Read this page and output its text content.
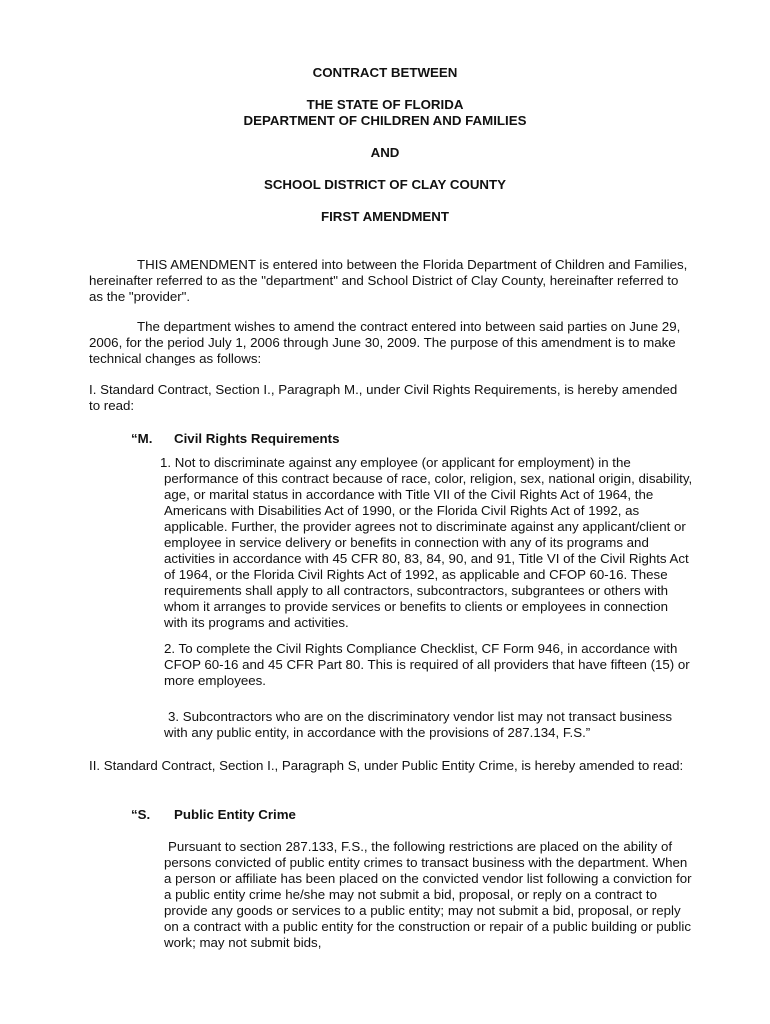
CONTRACT BETWEEN

THE STATE OF FLORIDA

DEPARTMENT OF CHILDREN AND FAMILIES

AND

SCHOOL DISTRICT OF CLAY COUNTY

FIRST AMENDMENT

THIS AMENDMENT is entered into between the Florida Department of Children and Families, hereinafter referred to as the "department" and School District of Clay County, hereinafter referred to as the "provider".

The department wishes to amend the contract entered into between said parties on June 29, 2006, for the period July 1, 2006 through June 30, 2009. The purpose of this amendment is to make technical changes as follows:

I. Standard Contract, Section I., Paragraph M., under Civil Rights Requirements, is hereby amended to read:

“M. Civil Rights Requirements

1. Not to discriminate against any employee (or applicant for employment) in the performance of this contract because of race, color, religion, sex, national origin, disability, age, or marital status in accordance with Title VII of the Civil Rights Act of 1964, the Americans with Disabilities Act of 1990, or the Florida Civil Rights Act of 1992, as applicable. Further, the provider agrees not to discriminate against any applicant/client or employee in service delivery or benefits in connection with any of its programs and activities in accordance with 45 CFR 80, 83, 84, 90, and 91, Title VI of the Civil Rights Act of 1964, or the Florida Civil Rights Act of 1992, as applicable and CFOP 60-16. These requirements shall apply to all contractors, subcontractors, subgrantees or others with whom it arranges to provide services or benefits to clients or employees in connection with its programs and activities.

2. To complete the Civil Rights Compliance Checklist, CF Form 946, in accordance with CFOP 60-16 and 45 CFR Part 80. This is required of all providers that have fifteen (15) or more employees.

3. Subcontractors who are on the discriminatory vendor list may not transact business with any public entity, in accordance with the provisions of 287.134, F.S.”

II. Standard Contract, Section I., Paragraph S, under Public Entity Crime, is hereby amended to read:

“S. Public Entity Crime

Pursuant to section 287.133, F.S., the following restrictions are placed on the ability of persons convicted of public entity crimes to transact business with the department. When a person or affiliate has been placed on the convicted vendor list following a conviction for a public entity crime he/she may not submit a bid, proposal, or reply on a contract to provide any goods or services to a public entity; may not submit a bid, proposal, or reply on a contract with a public entity for the construction or repair of a public building or public work; may not submit bids,
